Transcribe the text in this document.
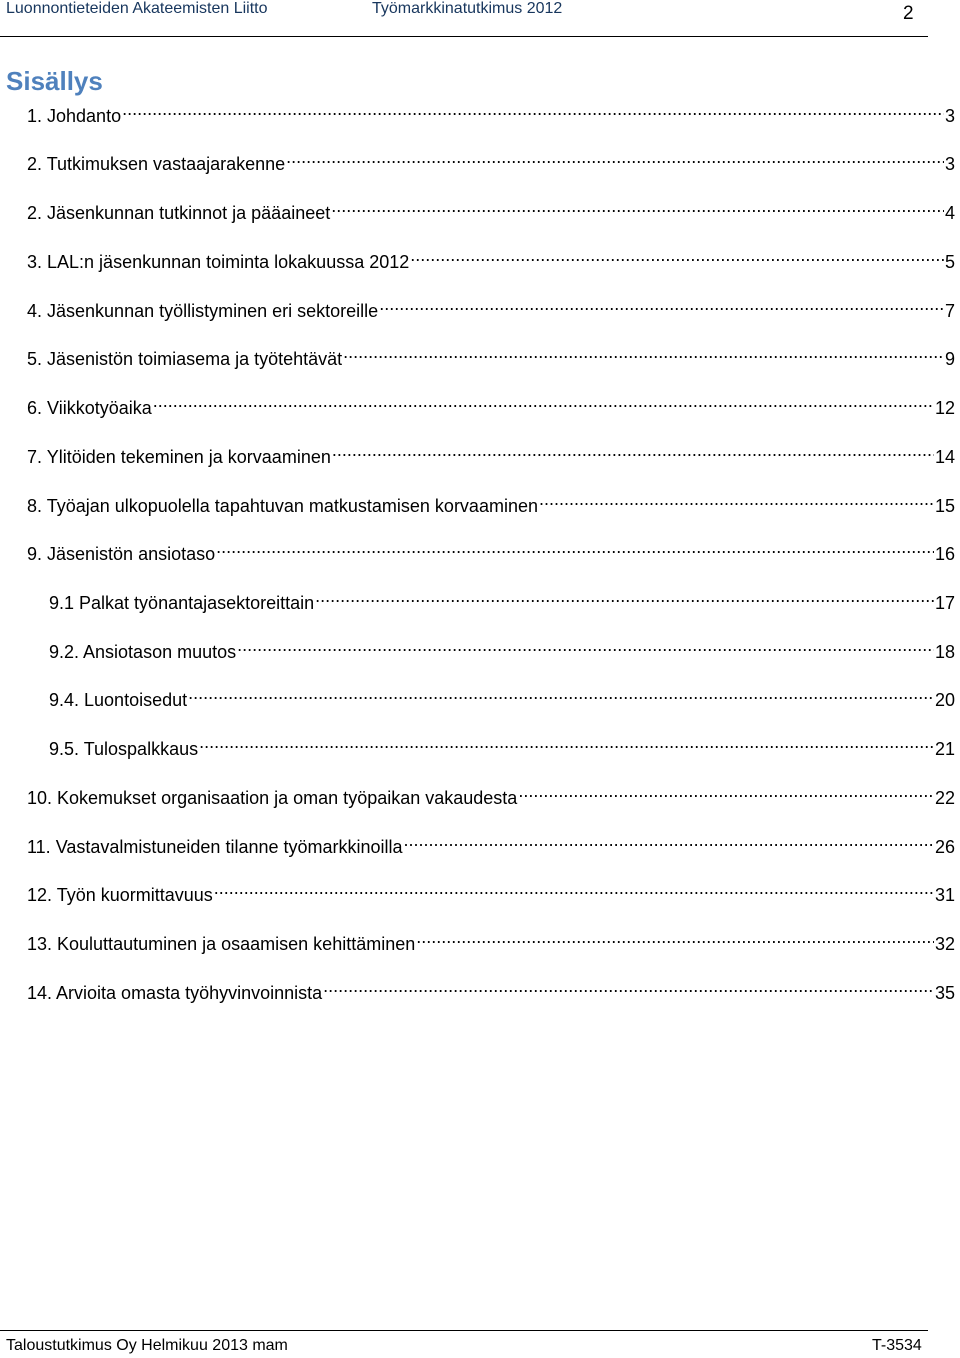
Luonnontieteiden Akateemisten Liitto	Työmarkkinatutkimus 2012	2
Sisällys
1. Johdanto .....	3
2. Tutkimuksen vastaajarakenne .....	3
2. Jäsenkunnan tutkinnot ja pääaineet .....	4
3. LAL:n jäsenkunnan toiminta lokakuussa 2012 .....	5
4. Jäsenkunnan työllistyminen eri sektoreille .....	7
5. Jäsenistön toimiasema ja työtehtävät .....	9
6. Viikkotyöaika .....	12
7. Ylitöiden tekeminen ja korvaaminen .....	14
8. Työajan ulkopuolella tapahtuvan matkustamisen korvaaminen .....	15
9. Jäsenistön ansiotaso .....	16
9.1 Palkat työnantajasektoreittain .....	17
9.2. Ansiotason muutos .....	18
9.4. Luontoisedut .....	20
9.5. Tulospalkkaus .....	21
10. Kokemukset organisaation ja oman työpaikan vakaudesta .....	22
11. Vastavalmistuneiden tilanne työmarkkinoilla .....	26
12. Työn kuormittavuus .....	31
13. Kouluttautuminen ja osaamisen kehittäminen .....	32
14. Arvioita omasta työhyvinvoinnista .....	35
Taloustutkimus Oy Helmikuu 2013 mam	T-3534
